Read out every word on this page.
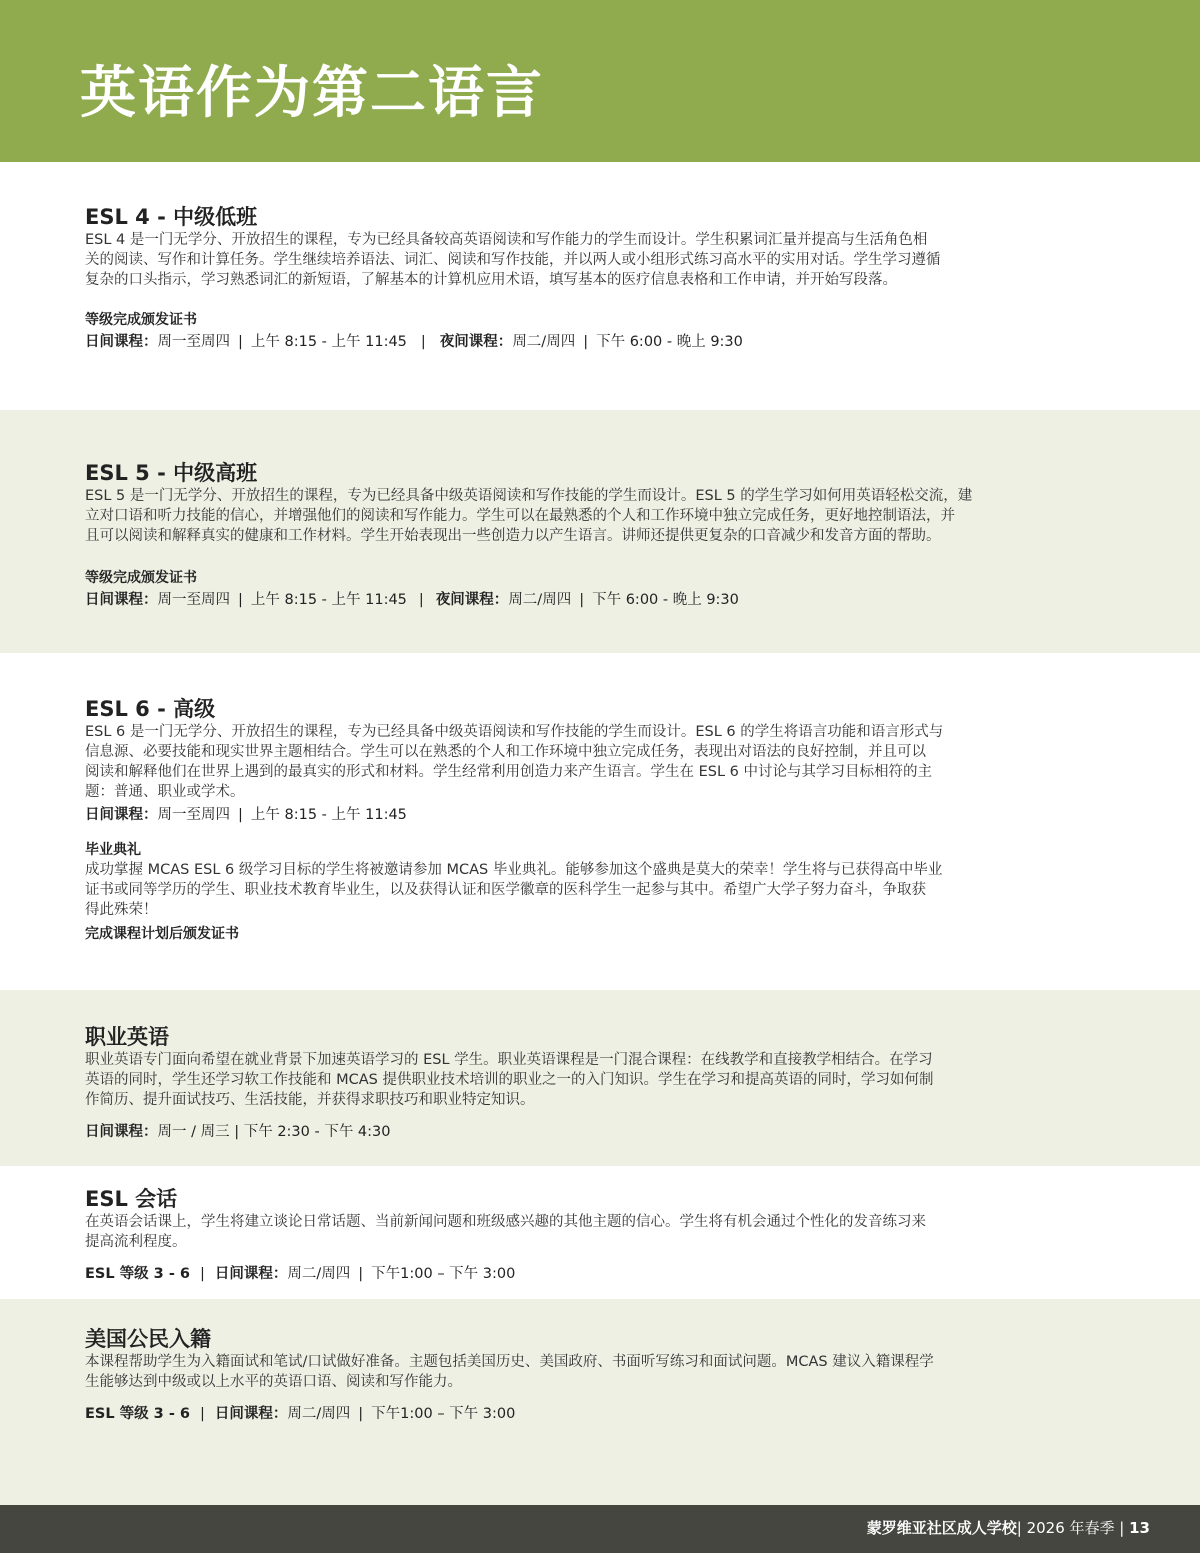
英语作为第二语言
ESL 4 - 中级低班

ESL 4 是一门无学分、开放招生的课程，专为已经具备较高英语阅读和写作能力的学生而设计。学生积累词汇量并提高与生活角色相
关的阅读、写作和计算任务。学生继续培养语法、词汇、阅读和写作技能，并以两人或小组形式练习高水平的实用对话。学生学习遵循
复杂的口头指示，学习熟悉词汇的新短语，了解基本的计算机应用术语，填写基本的医疗信息表格和工作申请，并开始写段落。

等级完成颁发证书

日间课程：周一至周四 | 上午 8:15 - 上午 11:45 | 夜间课程：周二/周四 | 下午 6:00 - 晚上 9:30

ESL 5 - 中级高班

ESL 5 是一门无学分、开放招生的课程，专为已经具备中级英语阅读和写作技能的学生而设计。ESL 5 的学生学习如何用英语轻松交流，建
立对口语和听力技能的信心，并增强他们的阅读和写作能力。学生可以在最熟悉的个人和工作环境中独立完成任务，更好地控制语法，并
且可以阅读和解释真实的健康和工作材料。学生开始表现出一些创造力以产生语言。讲师还提供更复杂的口音减少和发音方面的帮助。

等级完成颁发证书

日间课程：周一至周四 | 上午 8:15 - 上午 11:45 | 夜间课程：周二/周四 | 下午 6:00 - 晚上 9:30

ESL 6 - 高级

ESL 6 是一门无学分、开放招生的课程，专为已经具备中级英语阅读和写作技能的学生而设计。ESL 6 的学生将语言功能和语言形式与
信息源、必要技能和现实世界主题相结合。学生可以在熟悉的个人和工作环境中独立完成任务，表现出对语法的良好控制，并且可以
阅读和解释他们在世界上遇到的最真实的形式和材料。学生经常利用创造力来产生语言。学生在 ESL 6 中讨论与其学习目标相符的主
题：普通、职业或学术。

日间课程：周一至周四 | 上午 8:15 - 上午 11:45

毕业典礼

成功掌握 MCAS ESL 6 级学习目标的学生将被邀请参加 MCAS 毕业典礼。能够参加这个盛典是莫大的荣幸！学生将与已获得高中毕业
证书或同等学历的学生、职业技术教育毕业生，以及获得认证和医学徽章的医科学生一起参与其中。希望广大学子努力奋斗，争取获
得此殊荣！

完成课程计划后颁发证书

职业英语

职业英语专门面向希望在就业背景下加速英语学习的 ESL 学生。职业英语课程是一门混合课程：在线教学和直接教学相结合。在学习
英语的同时，学生还学习软工作技能和 MCAS 提供职业技术培训的职业之一的入门知识。学生在学习和提高英语的同时，学习如何制
作简历、提升面试技巧、生活技能，并获得求职技巧和职业特定知识。

日间课程：周一 / 周三 | 下午 2:30 - 下午 4:30

ESL 会话

在英语会话课上，学生将建立谈论日常话题、当前新闻问题和班级感兴趣的其他主题的信心。学生将有机会通过个性化的发音练习来
提高流利程度。

ESL 等级 3 - 6 | 日间课程：周二/周四 | 下午1:00 – 下午 3:00

美国公民入籍

本课程帮助学生为入籍面试和笔试/口试做好准备。主题包括美国历史、美国政府、书面听写练习和面试问题。MCAS 建议入籍课程学
生能够达到中级或以上水平的英语口语、阅读和写作能力。

ESL 等级 3 - 6 | 日间课程：周二/周四 | 下午1:00 – 下午 3:00

蒙罗维亚社区成人学校| 2026 年春季 | 13
